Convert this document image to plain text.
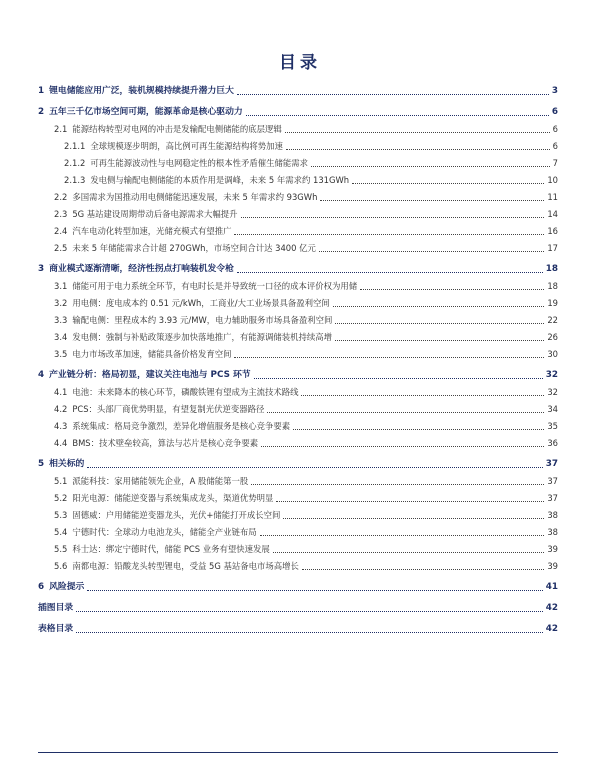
目录
1 锂电储能应用广泛，装机规模持续提升潜力巨大	3
2 五年三千亿市场空间可期，能源革命是核心驱动力	6
2.1 能源结构转型对电网的冲击是发输配电侧储能的底层逻辑	6
2.1.1 全球规模逐步明朗，高比例可再生能源结构将势加速	6
2.1.2 可再生能源波动性与电网稳定性的根本性矛盾催生储能需求	7
2.1.3 发电侧与输配电侧储能的本质作用是调峰，未来 5 年需求约 131GWh	10
2.2 多国需求为国推动用电侧储能迅速发展，未来 5 年需求约 93GWh	11
2.3 5G 基站建设周期带动后备电源需求大幅提升	14
2.4 汽车电动化转型加速，光储充模式有望推广	16
2.5 未来 5 年储能需求合计超 270GWh，市场空间合计达 3400 亿元	17
3 商业模式逐渐清晰，经济性拐点打响装机发令枪	18
3.1 储能可用于电力系统全环节，有电时长是并导致统一口径的成本评价权为用储	18
3.2 用电侧：度电成本约 0.51 元/kWh，工商业/大工业场景具备盈利空间	19
3.3 输配电侧：里程成本约 3.93 元/MW，电力辅助服务市场具备盈利空间	22
3.4 发电侧：強制与补贴政策逐步加快落地推广，有能源调储装机持续高增	26
3.5 电力市场改革加速，储能具备价格发育空间	30
4 产业链分析：格局初显，建议关注电池与 PCS 环节	32
4.1 电池：未来降本的核心环节，磷酸铁锂有望成为主流技术路线	32
4.2 PCS：头部厂商优势明显，有望复制光伏逆变器路径	34
4.3 系统集成：格局竞争激烈，差异化增值服务是核心竞争要素	35
4.4 BMS：技术壁垒较高，算法与芯片是核心竞争要素	36
5 相关标的	37
5.1 派能科技：家用储能领先企业，A 股储能第一股	37
5.2 阳光电源：储能逆变器与系统集成龙头，渠道优势明显	37
5.3 固德威：户用储能逆变器龙头，光伏+储能打开成长空间	38
5.4 宁德时代：全球动力电池龙头，储能全产业链布局	38
5.5 科士达：绑定宁德时代，储能 PCS 业务有望快速发展	39
5.6 南都电源：铅酸龙头转型锂电，受益 5G 基站备电市场高增长	39
6 风险提示	41
插图目录	42
表格目录	42
